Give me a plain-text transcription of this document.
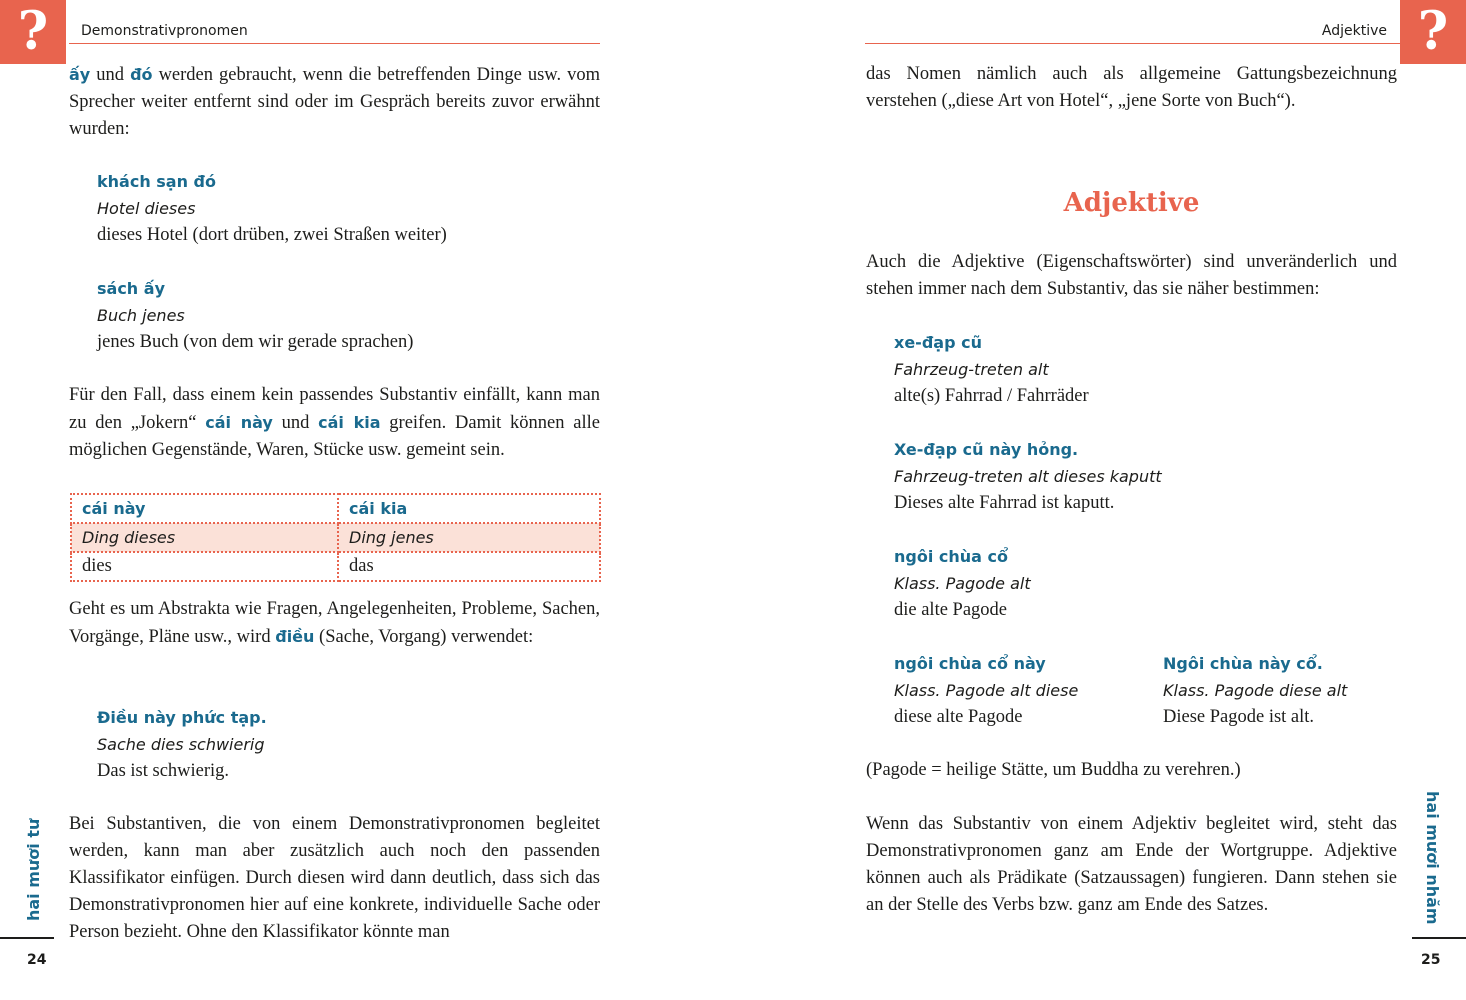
?	Demonstrativpronomen

ấy und đó werden gebraucht, wenn die betreffenden Dinge usw. vom Sprecher weiter entfernt sind oder im Gespräch bereits zuvor erwähnt wurden:

khách sạn đó
Hotel dieses
dieses Hotel (dort drüben, zwei Straßen weiter)
sách ấy
Buch jenes
jenes Buch (von dem wir gerade sprachen)

Für den Fall, dass einem kein passendes Substantiv einfällt, kann man zu den „Jokern“ cái này und cái kia greifen. Damit können alle möglichen Gegenstände, Waren, Stücke usw. gemeint sein.

cái này	cái kia
Ding dieses	Ding jenes
dies	das

Geht es um Abstrakta wie Fragen, Angelegenheiten, Probleme, Sachen, Vorgänge, Pläne usw., wird điều (Sache, Vorgang) verwendet:

Điều này phức tạp.
Sache dies schwierig
Das ist schwierig.

Bei Substantiven, die von einem Demonstrativpronomen begleitet werden, kann man aber zusätzlich auch noch den passenden Klassifikator einfügen. Durch diesen wird dann deutlich, dass sich das Demonstrativpronomen hier auf eine konkrete, individuelle Sache oder Person bezieht. Ohne den Klassifikator könnte man

hai mươi tư
24
Adjektive ?

das Nomen nämlich auch als allgemeine Gattungsbezeichnung verstehen („diese Art von Hotel“, „jene Sorte von Buch“).

Adjektive

Auch die Adjektive (Eigenschaftswörter) sind unveränderlich und stehen immer nach dem Substantiv, das sie näher bestimmen:

xe-đạp cũ
Fahrzeug-treten alt
alte(s) Fahrrad / Fahrräder
Xe-đạp cũ này hỏng.
Fahrzeug-treten alt dieses kaputt
Dieses alte Fahrrad ist kaputt.
ngôi chùa cổ
Klass. Pagode alt
die alte Pagode
ngôi chùa cổ này
Klass. Pagode alt diese
diese alte Pagode
Ngôi chùa này cổ.
Klass. Pagode diese alt
Diese Pagode ist alt.

(Pagode = heilige Stätte, um Buddha zu verehren.)

Wenn das Substantiv von einem Adjektiv begleitet wird, steht das Demonstrativpronomen ganz am Ende der Wortgruppe. Adjektive können auch als Prädikate (Satzaussagen) fungieren. Dann stehen sie an der Stelle des Verbs bzw. ganz am Ende des Satzes.	hai mươi nhăm
25
